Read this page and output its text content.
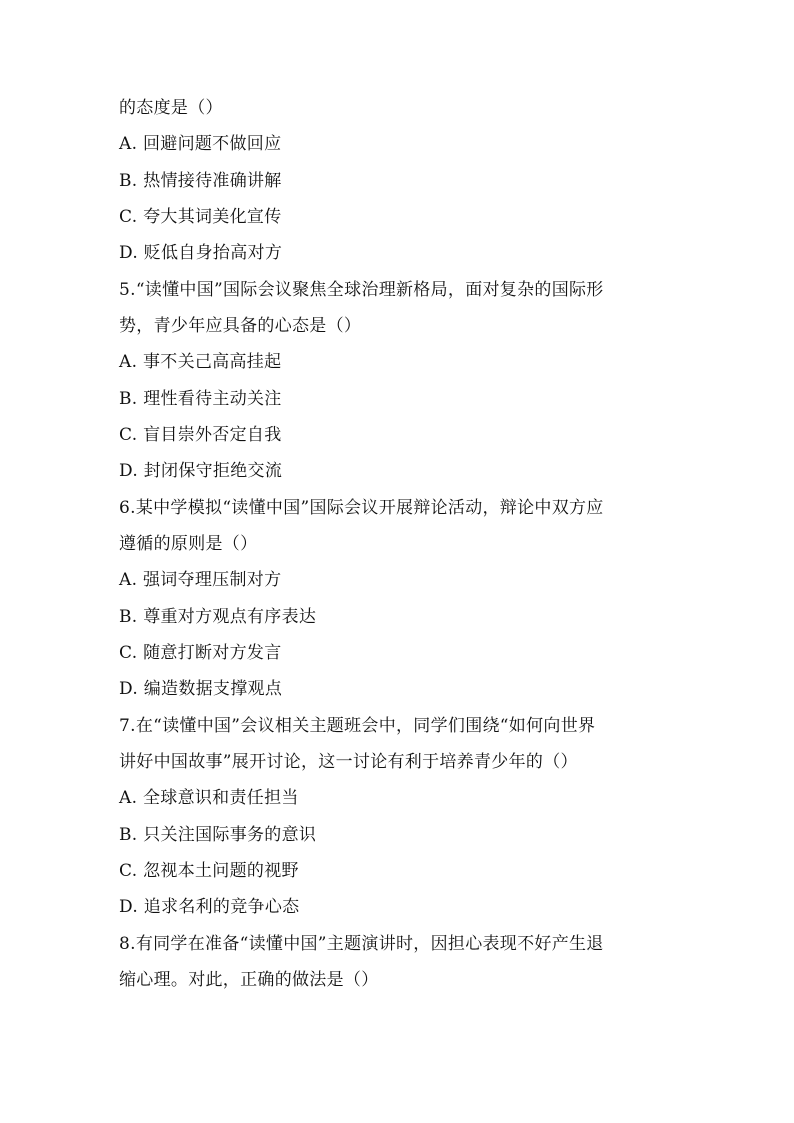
的态度是（）
A. 回避问题不做回应
B. 热情接待准确讲解
C. 夸大其词美化宣传
D. 贬低自身抬高对方
5.“读懂中国”国际会议聚焦全球治理新格局，面对复杂的国际形
势，青少年应具备的心态是（）
A. 事不关己高高挂起
B. 理性看待主动关注
C. 盲目崇外否定自我
D. 封闭保守拒绝交流
6.某中学模拟“读懂中国”国际会议开展辩论活动，辩论中双方应
遵循的原则是（）
A. 强词夺理压制对方
B. 尊重对方观点有序表达
C. 随意打断对方发言
D. 编造数据支撑观点
7.在“读懂中国”会议相关主题班会中，同学们围绕“如何向世界
讲好中国故事”展开讨论，这一讨论有利于培养青少年的（）
A. 全球意识和责任担当
B. 只关注国际事务的意识
C. 忽视本土问题的视野
D. 追求名利的竞争心态
8.有同学在准备“读懂中国”主题演讲时，因担心表现不好产生退
缩心理。对此，正确的做法是（）
